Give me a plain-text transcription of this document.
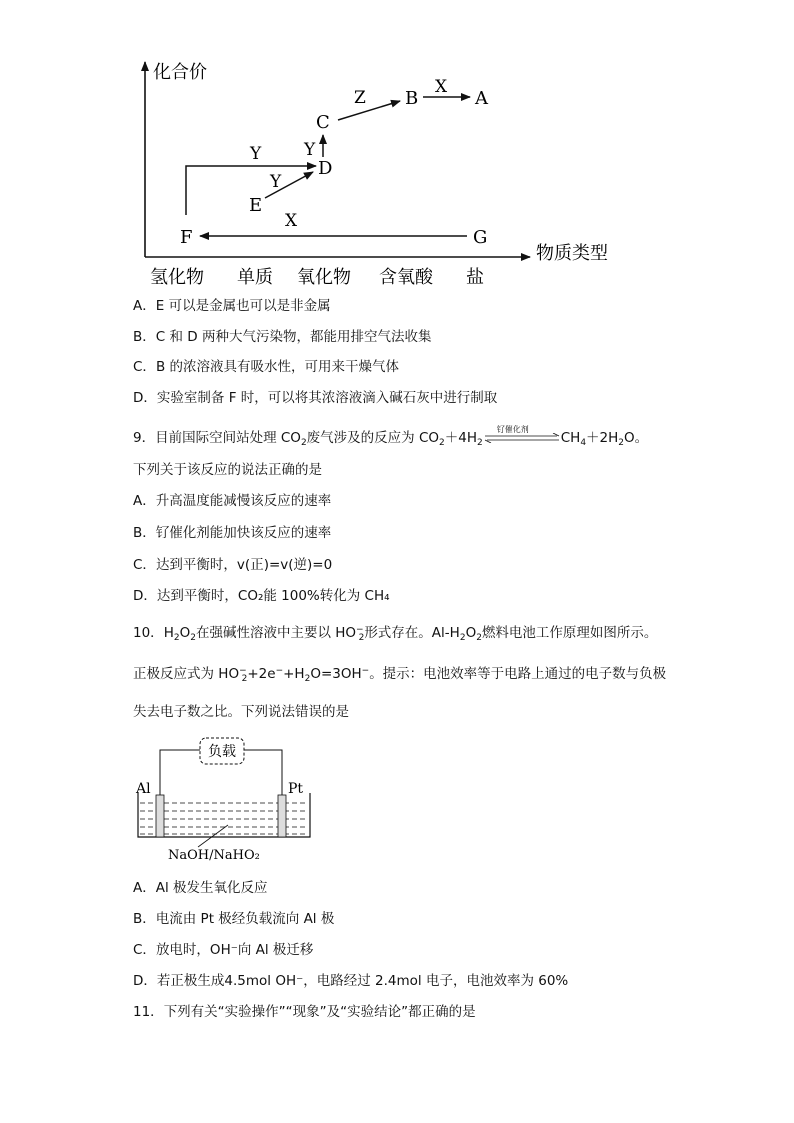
化合价
物质类型
氢化物 单质 氧化物 含氧酸 盐
A
B
C
D
E
F	G
Z
X
Y	Y
Y
X
A．E 可以是金属也可以是非金属
B．C 和 D 两种大气污染物，都能用排空气法收集
C．B 的浓溶液具有吸水性，可用来干燥气体
D．实验室制备 F 时，可以将其浓溶液滴入碱石灰中进行制取
9．目前国际空间站处理 $CO_2$废气涉及的反应为 $CO_2+4H_2$
钌催化剂
$CH_4+2H_2O$。
下列关于该反应的说法正确的是
A．升高温度能减慢该反应的速率
B．钌催化剂能加快该反应的速率
C．达到平衡时，v(正)=v(逆)=0
D．达到平衡时，CO₂能 100%转化为 CH₄
10．$H_2O_2$在强碱性溶液中主要以 $HO^-_2$形式存在。$Al-H_2O_2$燃料电池工作原理如图所示。
正极反应式为 $HO^-_2+2e^-+H_2O=3OH^-$。提示：电池效率等于电路上通过的电子数与负极
失去电子数之比。下列说法错误的是
负载
Al	Pt
NaOH/NaHO₂
A．Al 极发生氧化反应
B．电流由 Pt 极经负载流向 Al 极
C．放电时，OH⁻向 Al 极迁移
D．若正极生成4.5mol OH⁻，电路经过 2.4mol 电子，电池效率为 60%
11．下列有关“实验操作”“现象”及“实验结论”都正确的是
